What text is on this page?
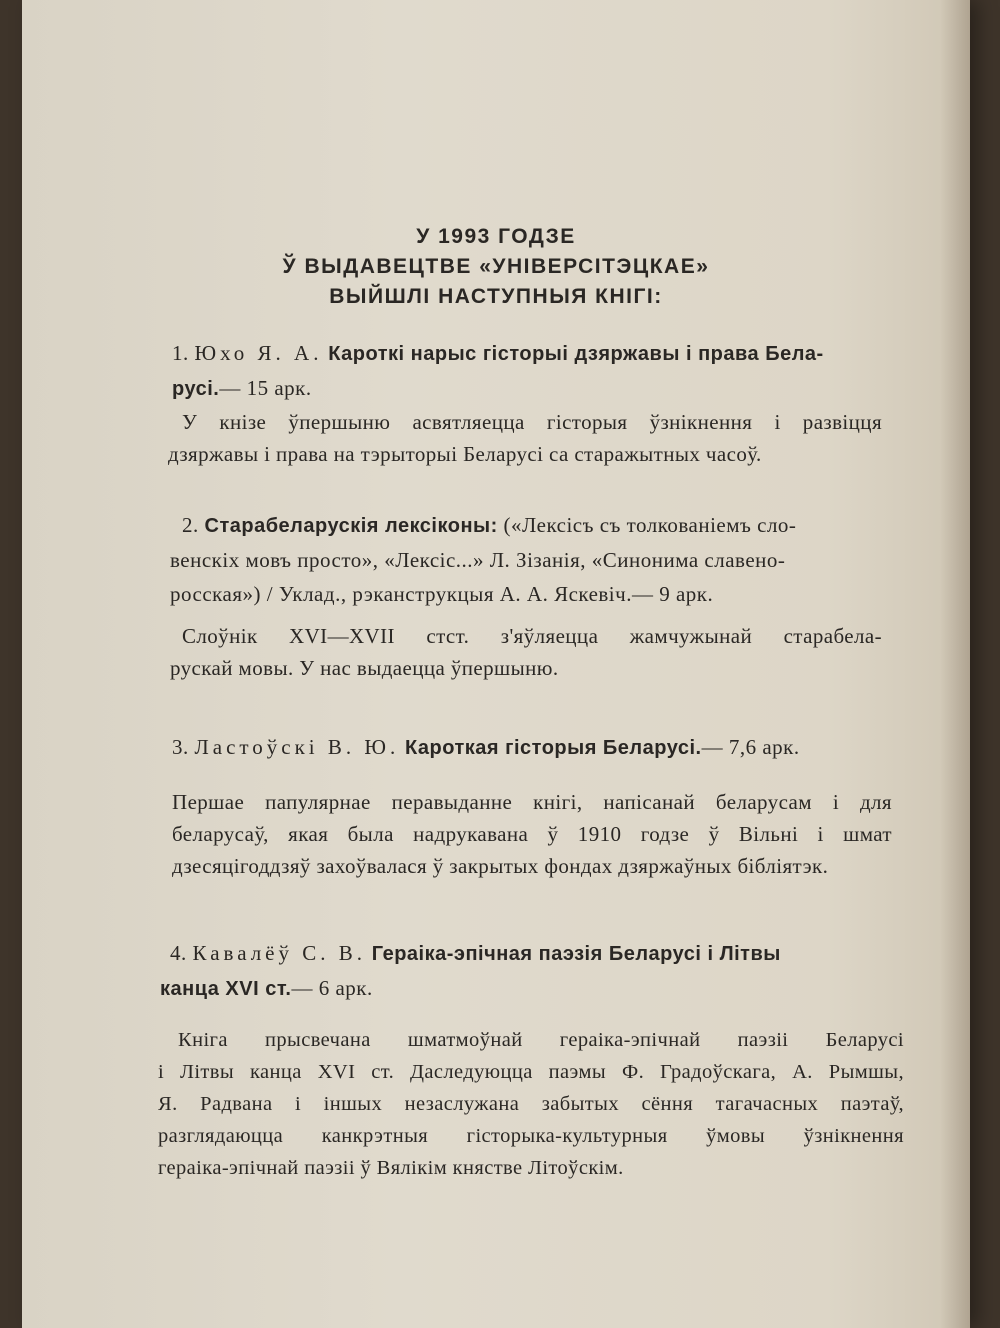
У 1993 ГОДЗЕ
Ў ВЫДАВЕЦТВЕ «УНІВЕРСІТЭЦКАЕ»
ВЫЙШЛІ НАСТУПНЫЯ КНІГІ:
1. Юхо Я. А. Кароткі нарыс гісторыі дзяржавы і права Бела-
русі.— 15 арк.
У кнізе ўпершыню асвятляецца гісторыя ўзнікнення і развіцця
дзяржавы і права на тэрыторыі Беларусі са старажытных часоў.
2. Старабеларускія лексіконы: («Лексісъ съ толкованіемъ сло-
венскіх мовъ просто», «Лексіс...» Л. Зізанія, «Синонима славено-
росская») / Уклад., рэканструкцыя А. А. Яскевіч.— 9 арк.
Слоўнік XVI—XVII стст. з'яўляецца жамчужынай старабела-
рускай мовы. У нас выдаецца ўпершыню.
3. Ластоўскі В. Ю. Кароткая гісторыя Беларусі.— 7,6 арк.
Першае папулярнае перавыданне кнігі, напісанай беларусам і для
беларусаў, якая была надрукавана ў 1910 годзе ў Вільні і шмат
дзесяцігоддзяў захоўвалася ў закрытых фондах дзяржаўных бібліятэк.
4. Кавалёў С. В. Гераіка-эпічная паэзія Беларусі і Літвы
канца XVI ст.— 6 арк.
Кніга прысвечана шматмоўнай гераіка-эпічнай паэзіі Беларусі
і Літвы канца XVI ст. Даследуюцца паэмы Ф. Градоўскага, А. Рымшы,
Я. Радвана і іншых незаслужана забытых сёння тагачасных паэтаў,
разглядаюцца канкрэтныя гісторыка-культурныя ўмовы ўзнікнення
гераіка-эпічнай паэзіі ў Вялікім княстве Літоўскім.
